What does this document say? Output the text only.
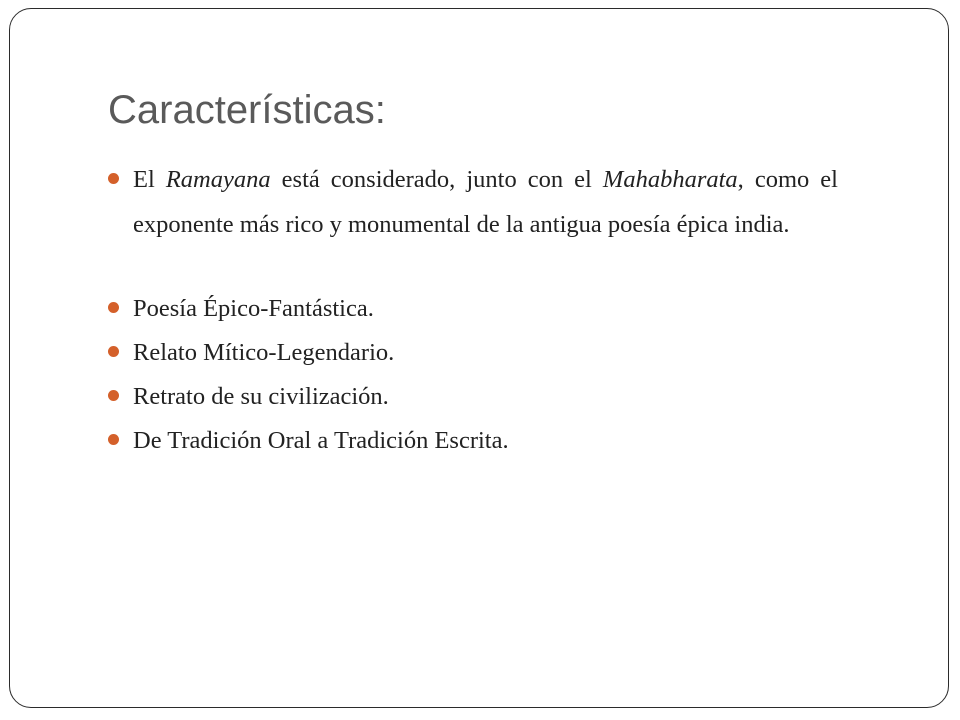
Características:
El Ramayana está considerado, junto con el Mahabharata, como el exponente más rico y monumental de la antigua poesía épica india.
Poesía Épico-Fantástica.
Relato Mítico-Legendario.
Retrato de su civilización.
De Tradición Oral a Tradición Escrita.
